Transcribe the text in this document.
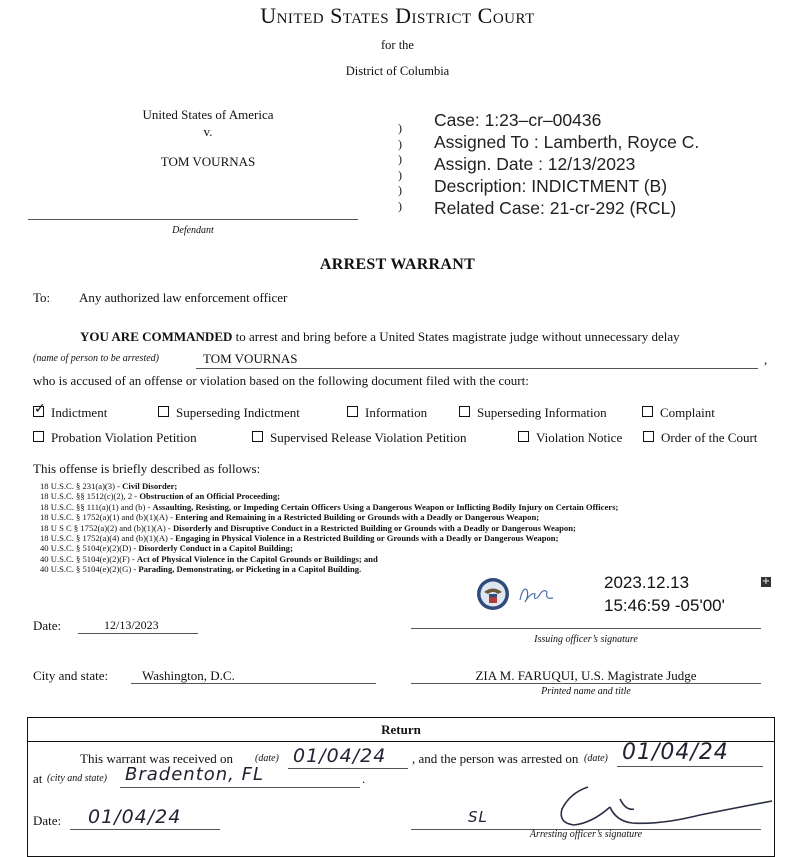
United States District Court
for the
District of Columbia
United States of America
v.
TOM VOURNAS
Defendant
)
)
)
)
)
)
Case: 1:23–cr–00436
Assigned To : Lamberth, Royce C.
Assign. Date : 12/13/2023
Description: INDICTMENT (B)
Related Case: 21-cr-292 (RCL)
ARREST WARRANT
To: Any authorized law enforcement officer
YOU ARE COMMANDED to arrest and bring before a United States magistrate judge without unnecessary delay
(name of person to be arrested)	TOM VOURNAS	,
who is accused of an offense or violation based on the following document filed with the court:
✓Indictment	Superseding Indictment	Information	Superseding Information	Complaint
Probation Violation Petition	Supervised Release Violation Petition	Violation Notice	Order of the Court
This offense is briefly described as follows:
18 U.S.C. § 231(a)(3) - Civil Disorder;
18 U.S.C. §§ 1512(c)(2), 2 - Obstruction of an Official Proceeding;
18 U.S.C. §§ 111(a)(1) and (b) - Assaulting, Resisting, or Impeding Certain Officers Using a Dangerous Weapon or Inflicting Bodily Injury on Certain Officers;
18 U.S.C. § 1752(a)(1) and (b)(1)(A) - Entering and Remaining in a Restricted Building or Grounds with a Deadly or Dangerous Weapon;
18 U S C § 1752(a)(2) and (b)(1)(A) - Disorderly and Disruptive Conduct in a Restricted Building or Grounds with a Deadly or Dangerous Weapon;
18 U.S.C. § 1752(a)(4) and (b)(1)(A) - Engaging in Physical Violence in a Restricted Building or Grounds with a Deadly or Dangerous Weapon;
40 U.S.C. § 5104(e)(2)(D) - Disorderly Conduct in a Capitol Building;
40 U.S.C. § 5104(e)(2)(F) - Act of Physical Violence in the Capitol Grounds or Buildings; and
40 U.S.C. § 5104(e)(2)(G) - Parading, Demonstrating, or Picketing in a Capitol Building.
2023.12.13
15:46:59 -05'00'
+
Date:	12/13/2023
Issuing officer’s signature
City and state:	Washington, D.C.	ZIA M. FARUQUI, U.S. Magistrate Judge
Printed name and title
Return
This warrant was received on (date) 01/04/24 , and the person was arrested on (date) 01/04/24
at (city and state) Bradenton, FL	.
Date: 01/04/24	SL
Arresting officer’s signature
